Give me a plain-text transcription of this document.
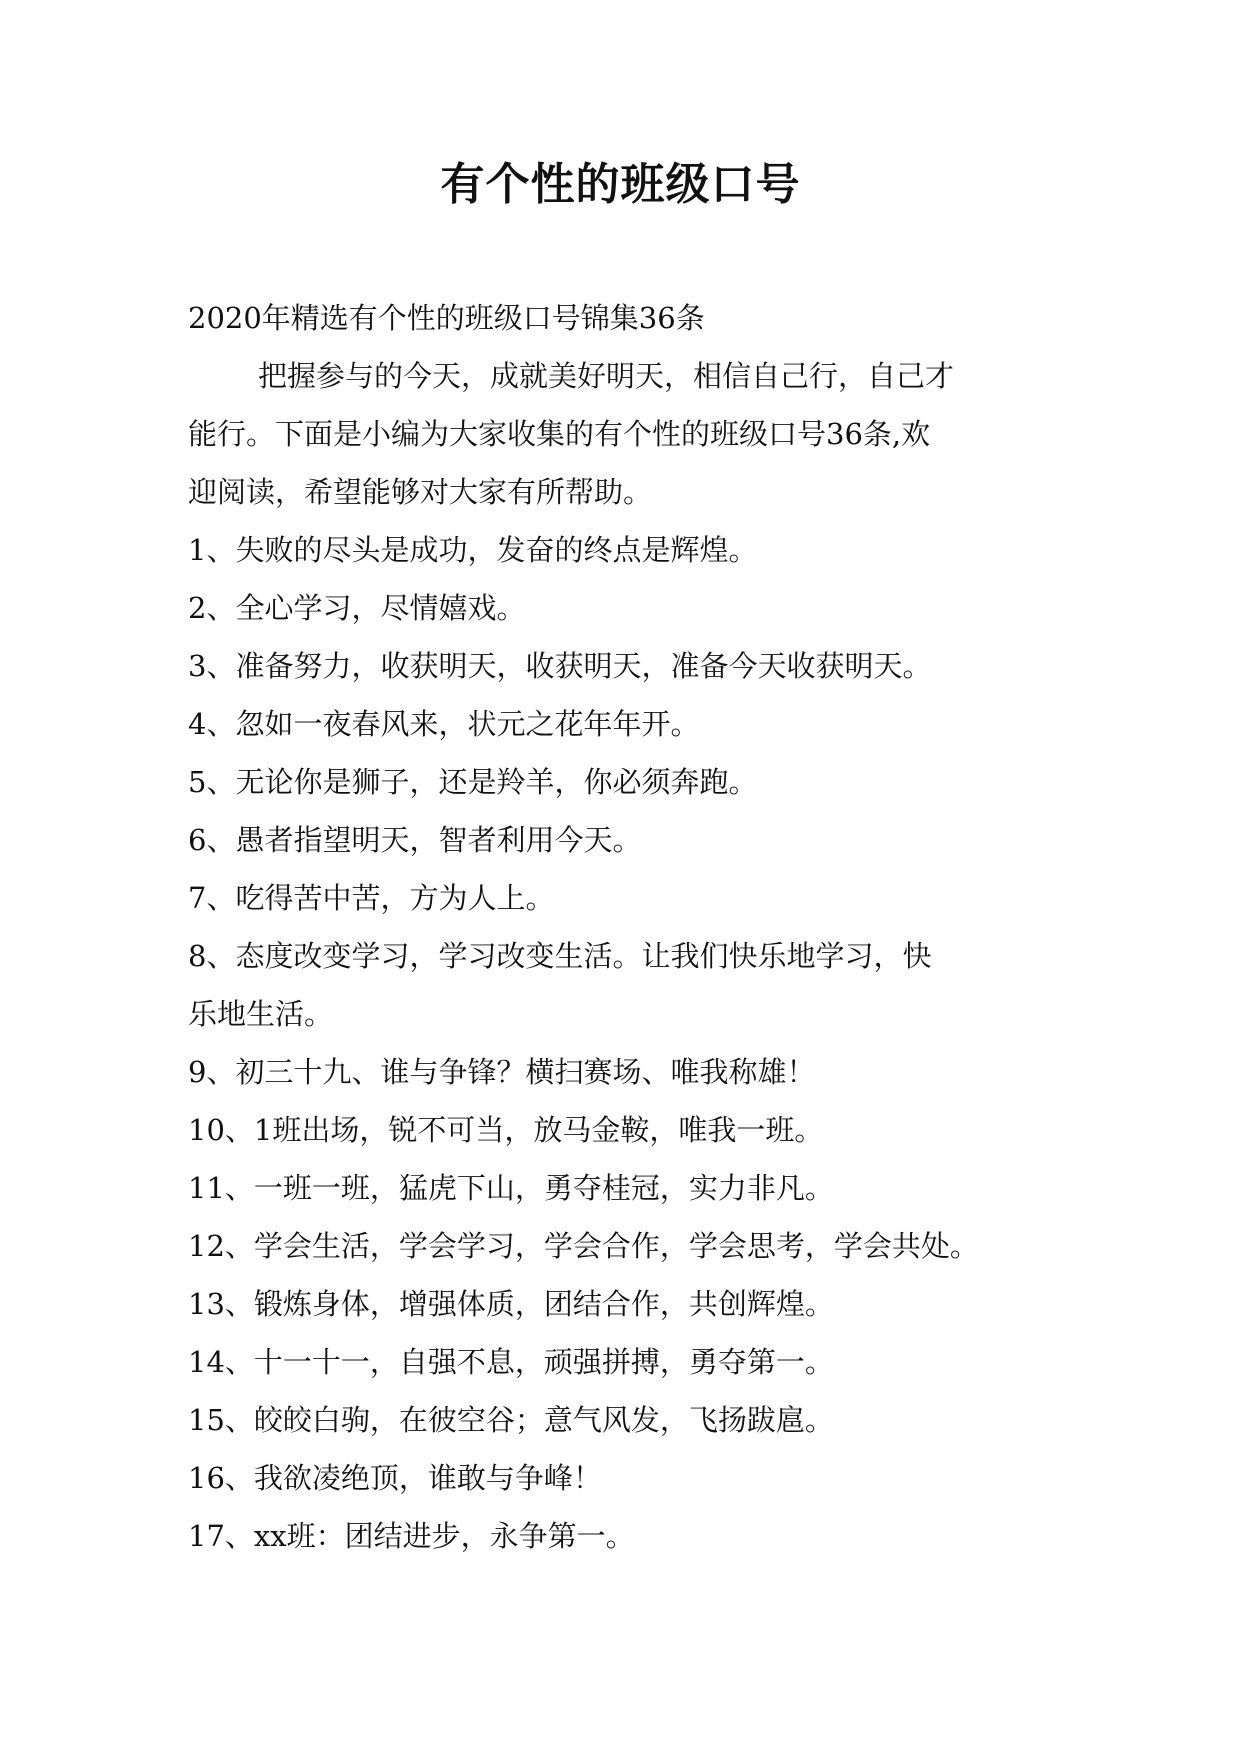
有个性的班级口号
2020年精选有个性的班级口号锦集36条
把握参与的今天，成就美好明天，相信自己行，自己才
能行。下面是小编为大家收集的有个性的班级口号36条,欢
迎阅读，希望能够对大家有所帮助。
1、失败的尽头是成功，发奋的终点是辉煌。
2、全心学习，尽情嬉戏。
3、准备努力，收获明天，收获明天，准备今天收获明天。
4、忽如一夜春风来，状元之花年年开。
5、无论你是狮子，还是羚羊，你必须奔跑。
6、愚者指望明天，智者利用今天。
7、吃得苦中苦，方为人上。
8、态度改变学习，学习改变生活。让我们快乐地学习，快
乐地生活。
9、初三十九、谁与争锋？横扫赛场、唯我称雄！
10、1班出场，锐不可当，放马金鞍，唯我一班。
11、一班一班，猛虎下山，勇夺桂冠，实力非凡。
12、学会生活，学会学习，学会合作，学会思考，学会共处。
13、锻炼身体，增强体质，团结合作，共创辉煌。
14、十一十一，自强不息，顽强拼搏，勇夺第一。
15、皎皎白驹，在彼空谷；意气风发，飞扬跋扈。
16、我欲凌绝顶，谁敢与争峰！
17、xx班：团结进步，永争第一。
